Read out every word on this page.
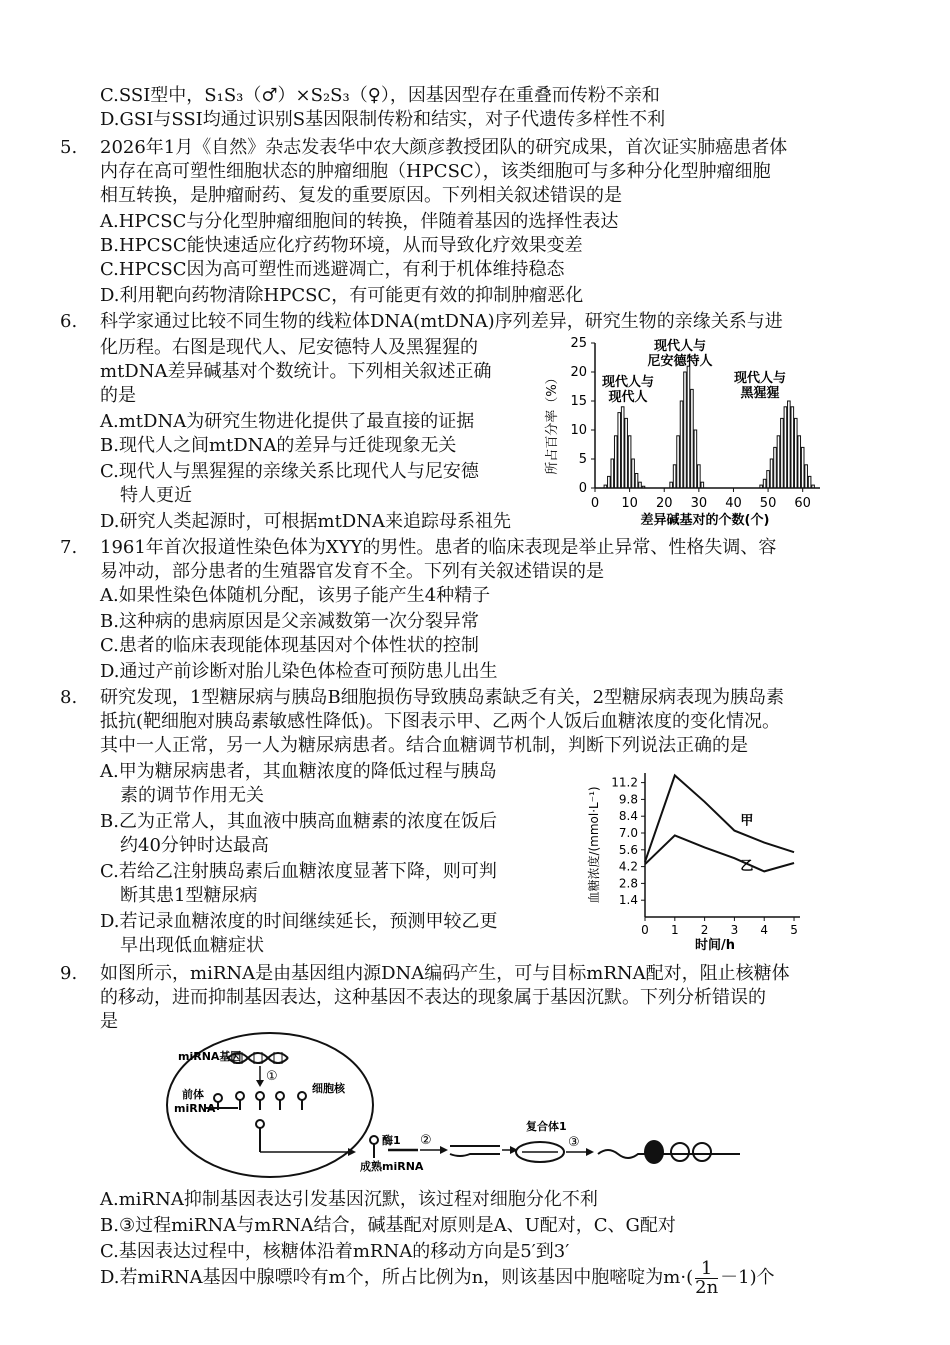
C.SSI型中，S₁S₃（♂）×S₂S₃（♀），因基因型存在重叠而传粉不亲和
D.GSI与SSI均通过识别S基因限制传粉和结实，对子代遗传多样性不利
5. 2026年1月《自然》杂志发表华中农大颜彦教授团队的研究成果，首次证实肺癌患者体
内存在高可塑性细胞状态的肿瘤细胞（HPCSC），该类细胞可与多种分化型肿瘤细胞
相互转换，是肿瘤耐药、复发的重要原因。下列相关叙述错误的是
A.HPCSC与分化型肿瘤细胞间的转换，伴随着基因的选择性表达
B.HPCSC能快速适应化疗药物环境，从而导致化疗效果变差
C.HPCSC因为高可塑性而逃避凋亡，有利于机体维持稳态
D.利用靶向药物清除HPCSC，有可能更有效的抑制肿瘤恶化
6. 科学家通过比较不同生物的线粒体DNA(mtDNA)序列差异，研究生物的亲缘关系与进
化历程。右图是现代人、尼安德特人及黑猩猩的
mtDNA差异碱基对个数统计。下列相关叙述正确
的是
A.mtDNA为研究生物进化提供了最直接的证据
B.现代人之间mtDNA的差异与迁徙现象无关
C.现代人与黑猩猩的亲缘关系比现代人与尼安德
特人更近
D.研究人类起源时，可根据mtDNA来追踪母系祖先
所占百分率（%）
0
5
10
15
20
25
0 10 20 30 40 50 60
现代人与
现代人
现代人与
尼安德特人
现代人与
黑猩猩
差异碱基对的个数(个)
7. 1961年首次报道性染色体为XYY的男性。患者的临床表现是举止异常、性格失调、容
易冲动，部分患者的生殖器官发育不全。下列有关叙述错误的是
A.如果性染色体随机分配，该男子能产生4种精子
B.这种病的患病原因是父亲减数第一次分裂异常
C.患者的临床表现能体现基因对个体性状的控制
D.通过产前诊断对胎儿染色体检查可预防患儿出生
8. 研究发现，1型糖尿病与胰岛B细胞损伤导致胰岛素缺乏有关，2型糖尿病表现为胰岛素
抵抗(靶细胞对胰岛素敏感性降低)。下图表示甲、乙两个人饭后血糖浓度的变化情况。
其中一人正常，另一人为糖尿病患者。结合血糖调节机制，判断下列说法正确的是
A.甲为糖尿病患者，其血糖浓度的降低过程与胰岛
素的调节作用无关
B.乙为正常人，其血液中胰高血糖素的浓度在饭后
约40分钟时达最高
C.若给乙注射胰岛素后血糖浓度显著下降，则可判
断其患1型糖尿病
D.若记录血糖浓度的时间继续延长，预测甲较乙更
早出现低血糖症状
血糖浓度/(mmol·L⁻¹) 1.4
2.8
4.2
5.6
7.0
8.4
9.8
11.2
0 1 2 3 4 5
甲
乙
时间/h
9. 如图所示，miRNA是由基因组内源DNA编码产生，可与目标mRNA配对，阻止核糖体
的移动，进而抑制基因表达，这种基因不表达的现象属于基因沉默。下列分析错误的
是
miRNA基因
①
前体
miRNA
细胞核
酶1
成熟miRNA
②
复合体1
③
A.miRNA抑制基因表达引发基因沉默，该过程对细胞分化不利
B.③过程miRNA与mRNA结合，碱基配对原则是A、U配对，C、G配对
C.基因表达过程中，核糖体沿着mRNA的移动方向是5′到3′
D.若miRNA基因中腺嘌呤有m个，所占比例为n，则该基因中胞嘧啶为$m\cdot( \frac{1}{2n} -1)$个
